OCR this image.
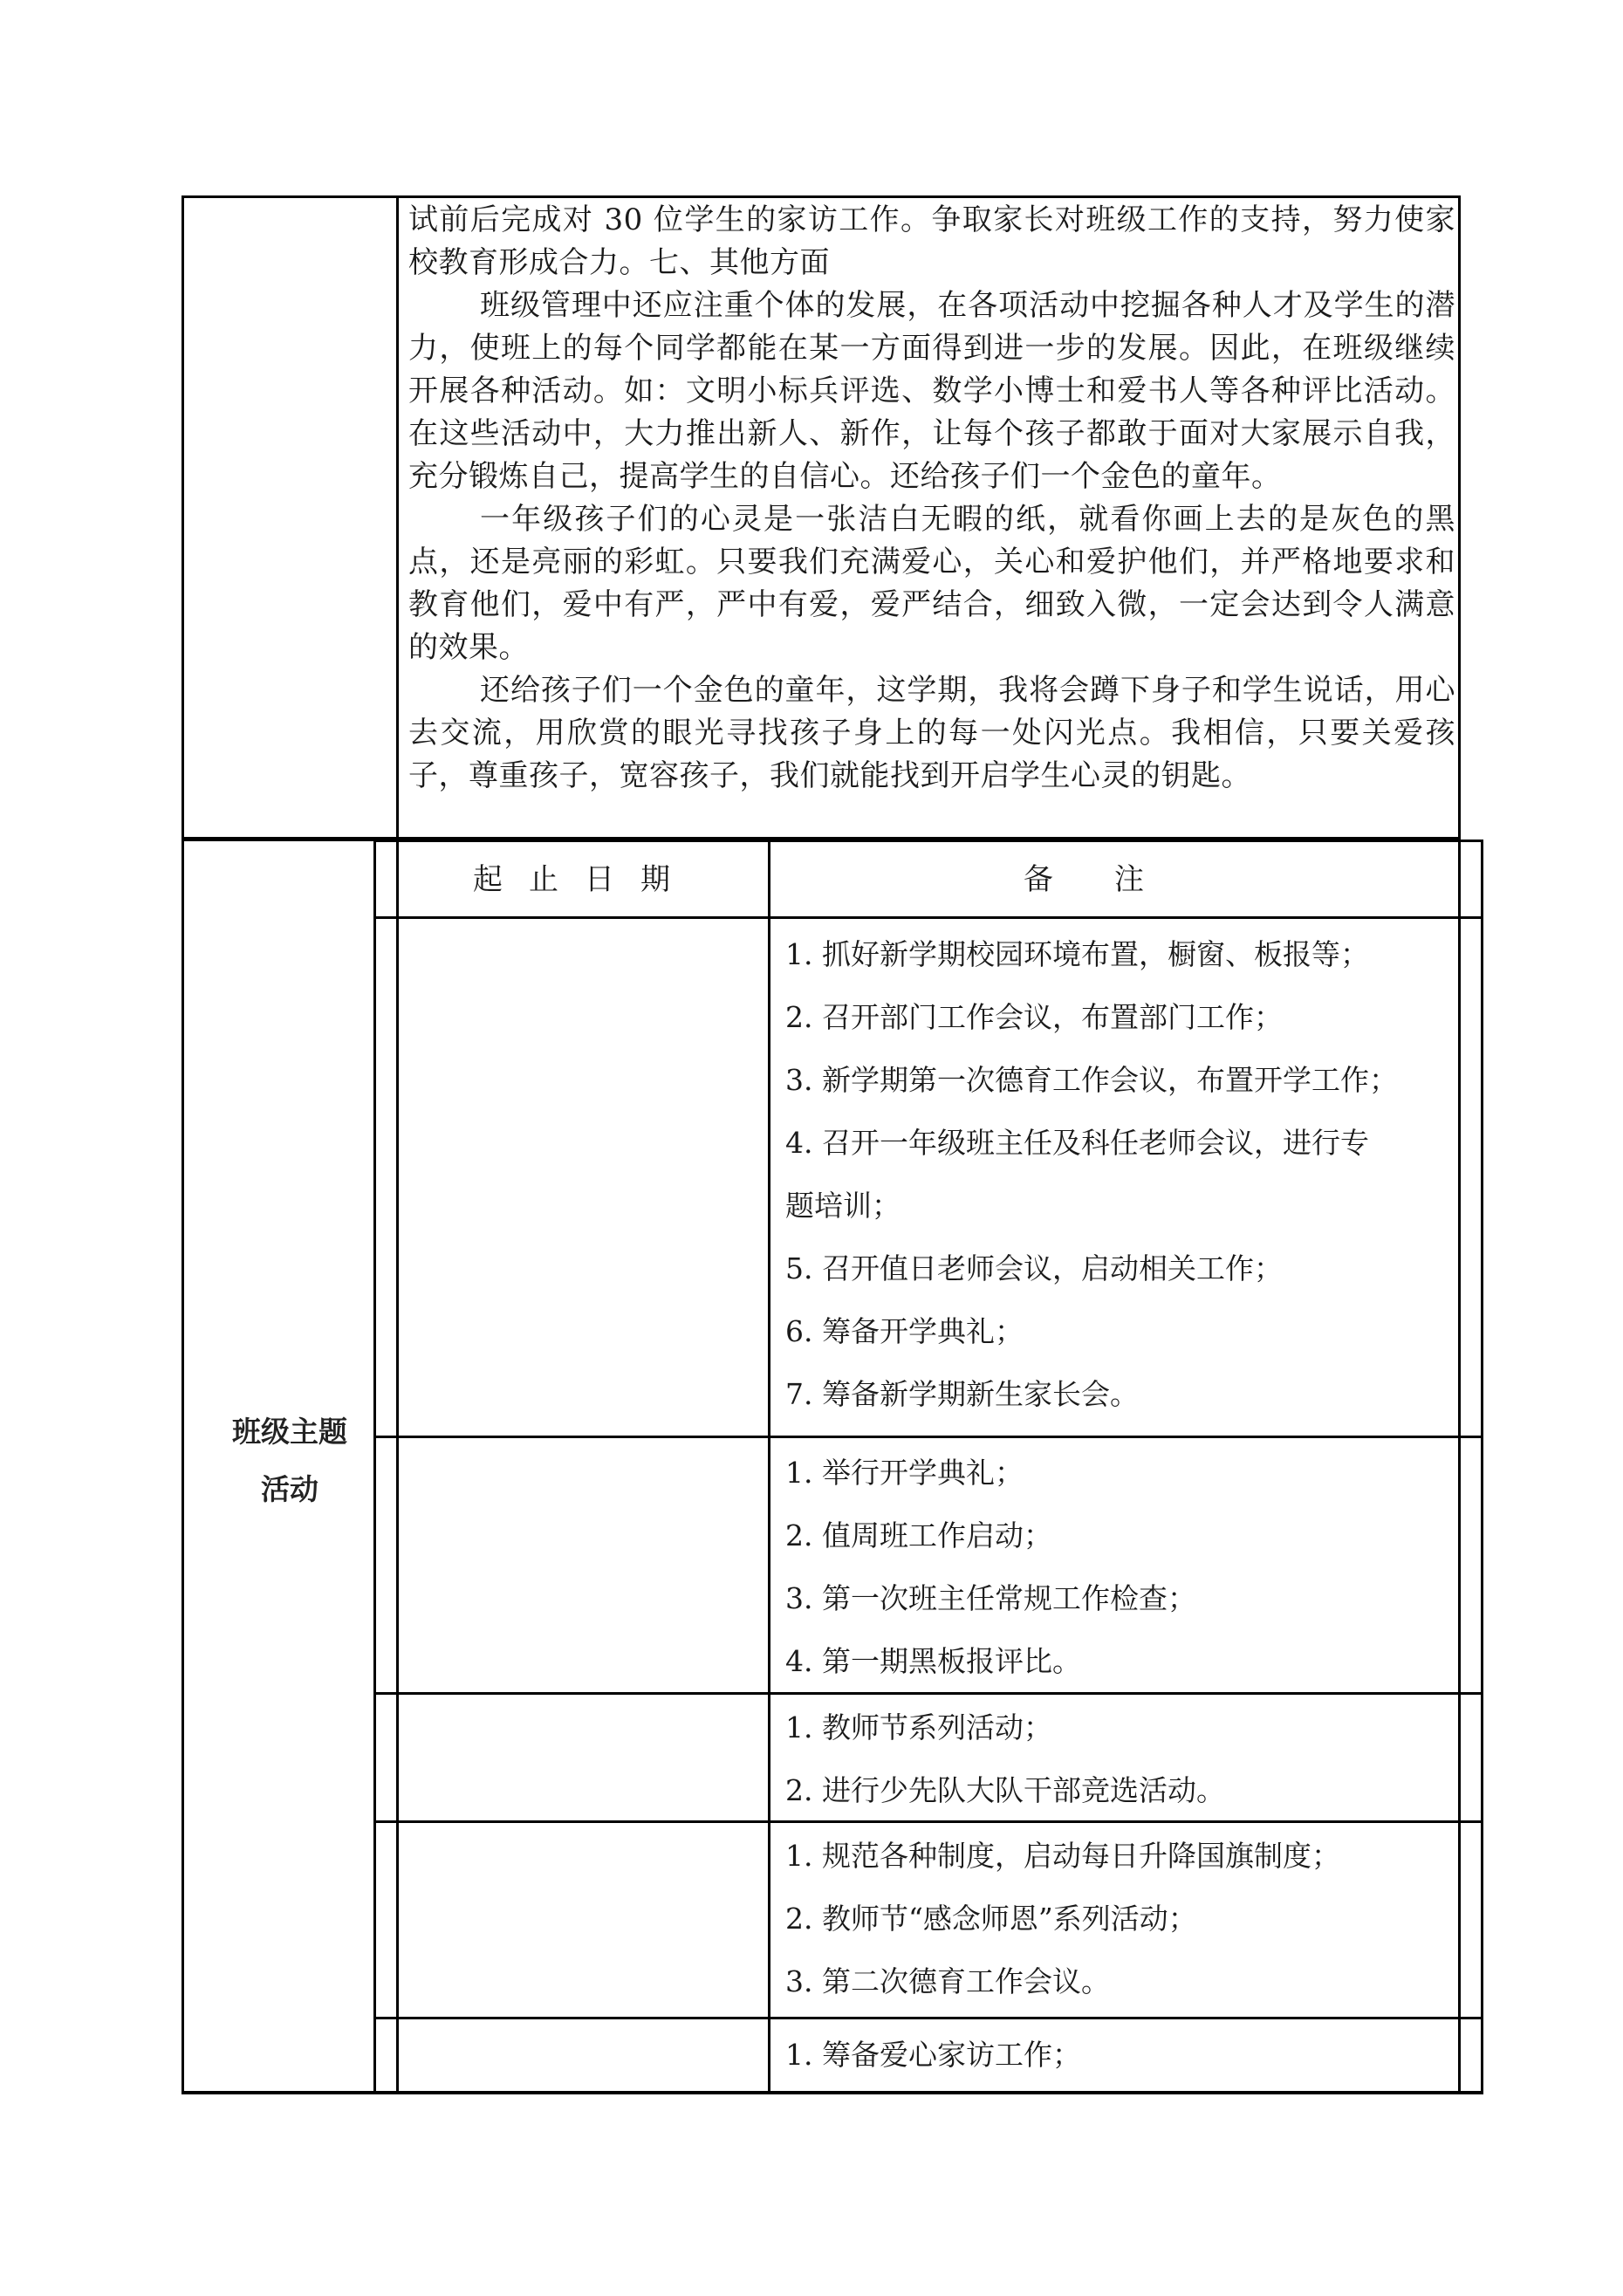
试前后完成对 30 位学生的家访工作。争取家长对班级工作的支持，努力使家校教育形成合力。七、其他方面

班级管理中还应注重个体的发展，在各项活动中挖掘各种人才及学生的潜力，使班上的每个同学都能在某一方面得到进一步的发展。因此，在班级继续开展各种活动。如：文明小标兵评选、数学小博士和爱书人等各种评比活动。在这些活动中，大力推出新人、新作，让每个孩子都敢于面对大家展示自我，充分锻炼自己，提高学生的自信心。还给孩子们一个金色的童年。

一年级孩子们的心灵是一张洁白无暇的纸，就看你画上去的是灰色的黑点，还是亮丽的彩虹。只要我们充满爱心，关心和爱护他们，并严格地要求和教育他们，爱中有严，严中有爱，爱严结合，细致入微，一定会达到令人满意的效果。

还给孩子们一个金色的童年，这学期，我将会蹲下身子和学生说话，用心去交流，用欣赏的眼光寻找孩子身上的每一处闪光点。我相信，只要关爱孩子，尊重孩子，宽容孩子，我们就能找到开启学生心灵的钥匙。

班级主题
活动
起止日期	备注
1. 抓好新学期校园环境布置，橱窗、板报等；
2. 召开部门工作会议，布置部门工作；
3. 新学期第一次德育工作会议，布置开学工作；
4. 召开一年级班主任及科任老师会议，进行专
题培训；
5. 召开值日老师会议，启动相关工作；
6. 筹备开学典礼；
7. 筹备新学期新生家长会。
1. 举行开学典礼；
2. 值周班工作启动；
3. 第一次班主任常规工作检查；
4. 第一期黑板报评比。
1. 教师节系列活动；
2. 进行少先队大队干部竞选活动。
1. 规范各种制度，启动每日升降国旗制度；
2. 教师节“感念师恩”系列活动；
3. 第二次德育工作会议。
1. 筹备爱心家访工作；
